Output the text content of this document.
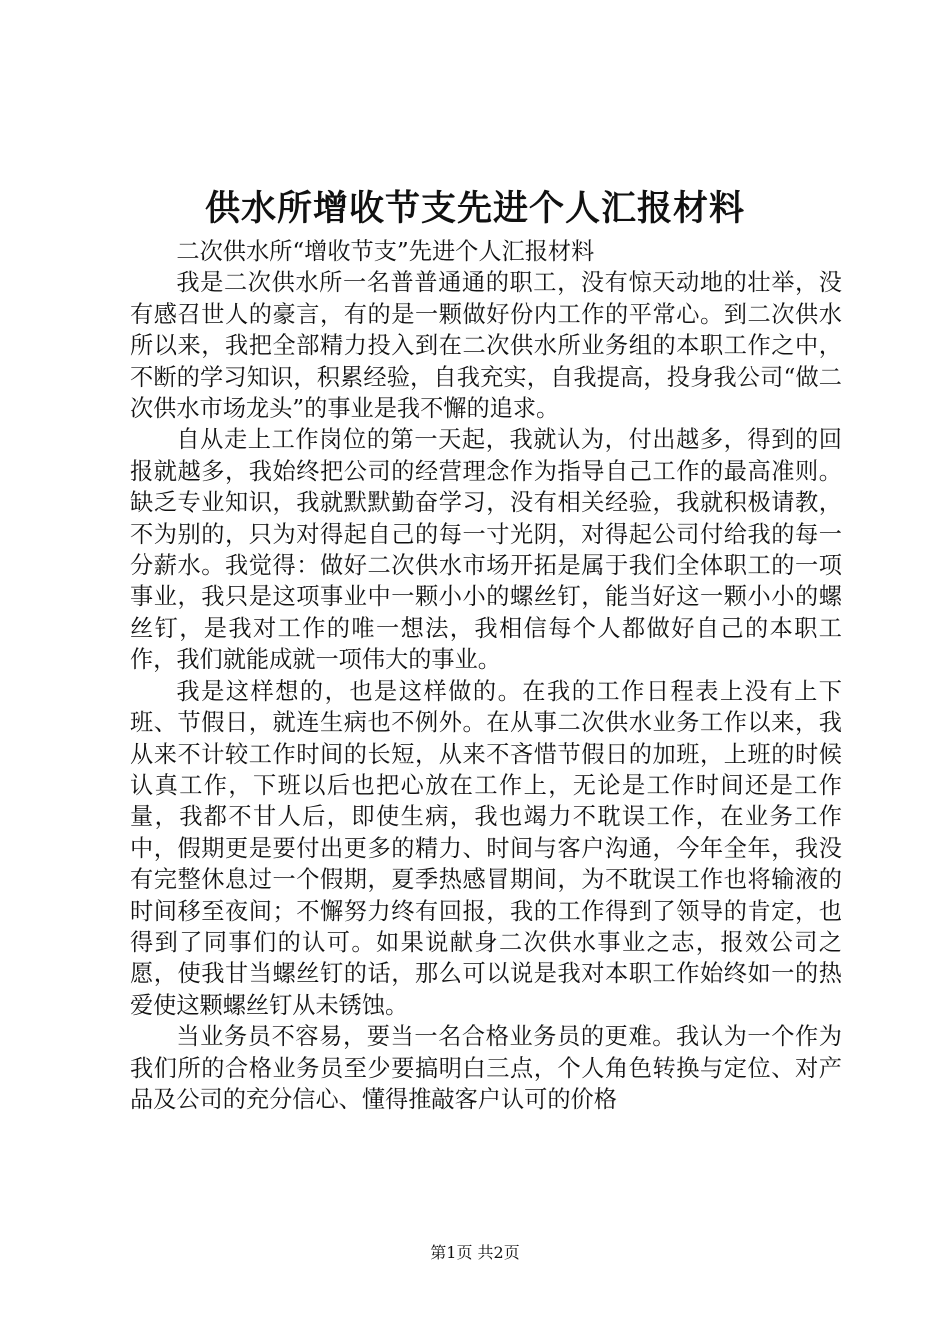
供水所增收节支先进个人汇报材料

二次供水所“增收节支”先进个人汇报材料

我是二次供水所一名普普通通的职工，没有惊天动地的壮举，没有感召世人的豪言，有的是一颗做好份内工作的平常心。到二次供水所以来，我把全部精力投入到在二次供水所业务组的本职工作之中，不断的学习知识，积累经验，自我充实，自我提高，投身我公司“做二次供水市场龙头”的事业是我不懈的追求。

自从走上工作岗位的第一天起，我就认为，付出越多，得到的回报就越多，我始终把公司的经营理念作为指导自己工作的最高准则。缺乏专业知识，我就默默勤奋学习，没有相关经验，我就积极请教，不为别的，只为对得起自己的每一寸光阴，对得起公司付给我的每一分薪水。我觉得：做好二次供水市场开拓是属于我们全体职工的一项事业，我只是这项事业中一颗小小的螺丝钉，能当好这一颗小小的螺丝钉，是我对工作的唯一想法，我相信每个人都做好自己的本职工作，我们就能成就一项伟大的事业。

我是这样想的，也是这样做的。在我的工作日程表上没有上下班、节假日，就连生病也不例外。在从事二次供水业务工作以来，我从来不计较工作时间的长短，从来不吝惜节假日的加班，上班的时候认真工作，下班以后也把心放在工作上，无论是工作时间还是工作量，我都不甘人后，即使生病，我也竭力不耽误工作，在业务工作中，假期更是要付出更多的精力、时间与客户沟通，今年全年，我没有完整休息过一个假期，夏季热感冒期间，为不耽误工作也将输液的时间移至夜间；不懈努力终有回报，我的工作得到了领导的肯定，也得到了同事们的认可。如果说献身二次供水事业之志，报效公司之愿，使我甘当螺丝钉的话，那么可以说是我对本职工作始终如一的热爱使这颗螺丝钉从未锈蚀。

当业务员不容易，要当一名合格业务员的更难。我认为一个作为我们所的合格业务员至少要搞明白三点，个人角色转换与定位、对产品及公司的充分信心、懂得推敲客户认可的价格

第1页 共2页
